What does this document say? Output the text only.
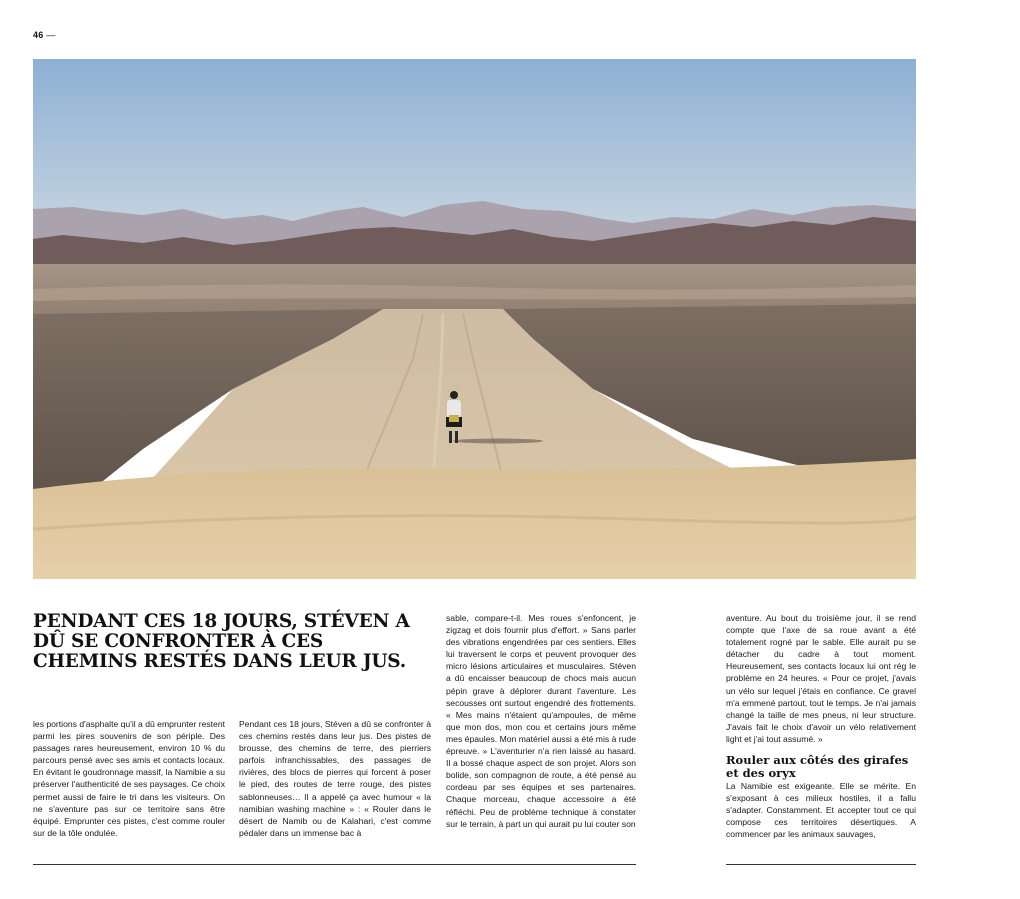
46 —
PENDANT CES 18 JOURS, STÉVEN A DÛ SE CONFRONTER À CES CHEMINS RESTÉS DANS LEUR JUS.
les portions d'asphalte qu'il a dû emprunter restent parmi les pires souvenirs de son périple. Des passages rares heureusement, environ 10 % du parcours pensé avec ses amis et contacts locaux. En évitant le goudronnage massif, la Namibie a su préserver l'authenticité de ses paysages. Ce choix permet aussi de faire le tri dans les visiteurs. On ne s'aventure pas sur ce territoire sans être équipé. Emprunter ces pistes, c'est comme rouler sur de la tôle ondulée.
Pendant ces 18 jours, Stéven a dû se confronter à ces chemins restés dans leur jus. Des pistes de brousse, des chemins de terre, des pierriers parfois infranchissables, des passages de rivières, des blocs de pierres qui forcent à poser le pied, des routes de terre rouge, des pistes sablonneuses… Il a appelé ça avec humour « la namibian washing machine » : « Rouler dans le désert de Namib ou de Kalahari, c'est comme pédaler dans un immense bac à
sable, compare-t-il. Mes roues s'enfoncent, je zigzag et dois fournir plus d'effort. » Sans parler des vibrations engendrées par ces sentiers. Elles lui traversent le corps et peuvent provoquer des micro lésions articulaires et musculaires. Stéven a dû encaisser beaucoup de chocs mais aucun pépin grave à déplorer durant l'aventure. Les secousses ont surtout engendré des frottements. « Mes mains n'étaient qu'ampoules, de même que mon dos, mon cou et certains jours même mes épaules. Mon matériel aussi a été mis à rude épreuve. » L'aventurier n'a rien laissé au hasard. Il a bossé chaque aspect de son projet. Alors son bolide, son compagnon de route, a été pensé au cordeau par ses équipes et ses partenaires. Chaque morceau, chaque accessoire a été réfléchi. Peu de problème technique à constater sur le terrain, à part un qui aurait pu lui couter son
aventure. Au bout du troisième jour, il se rend compte que l'axe de sa roue avant a été totalement rogné par le sable. Elle aurait pu se détacher du cadre à tout moment. Heureusement, ses contacts locaux lui ont rég le problème en 24 heures. « Pour ce projet, j'avais un vélo sur lequel j'étais en confiance. Ce gravel m'a emmené partout, tout le temps. Je n'ai jamais changé la taille de mes pneus, ni leur structure. J'avais fait le choix d'avoir un vélo relativement light et j'ai tout assumé. »
Rouler aux côtés des girafes et des oryx
La Namibie est exigeante. Elle se mérite. En s'exposant à ces milieux hostiles, il a fallu s'adapter. Constamment. Et accepter tout ce qui compose ces territoires désertiques. A commencer par les animaux sauvages,
